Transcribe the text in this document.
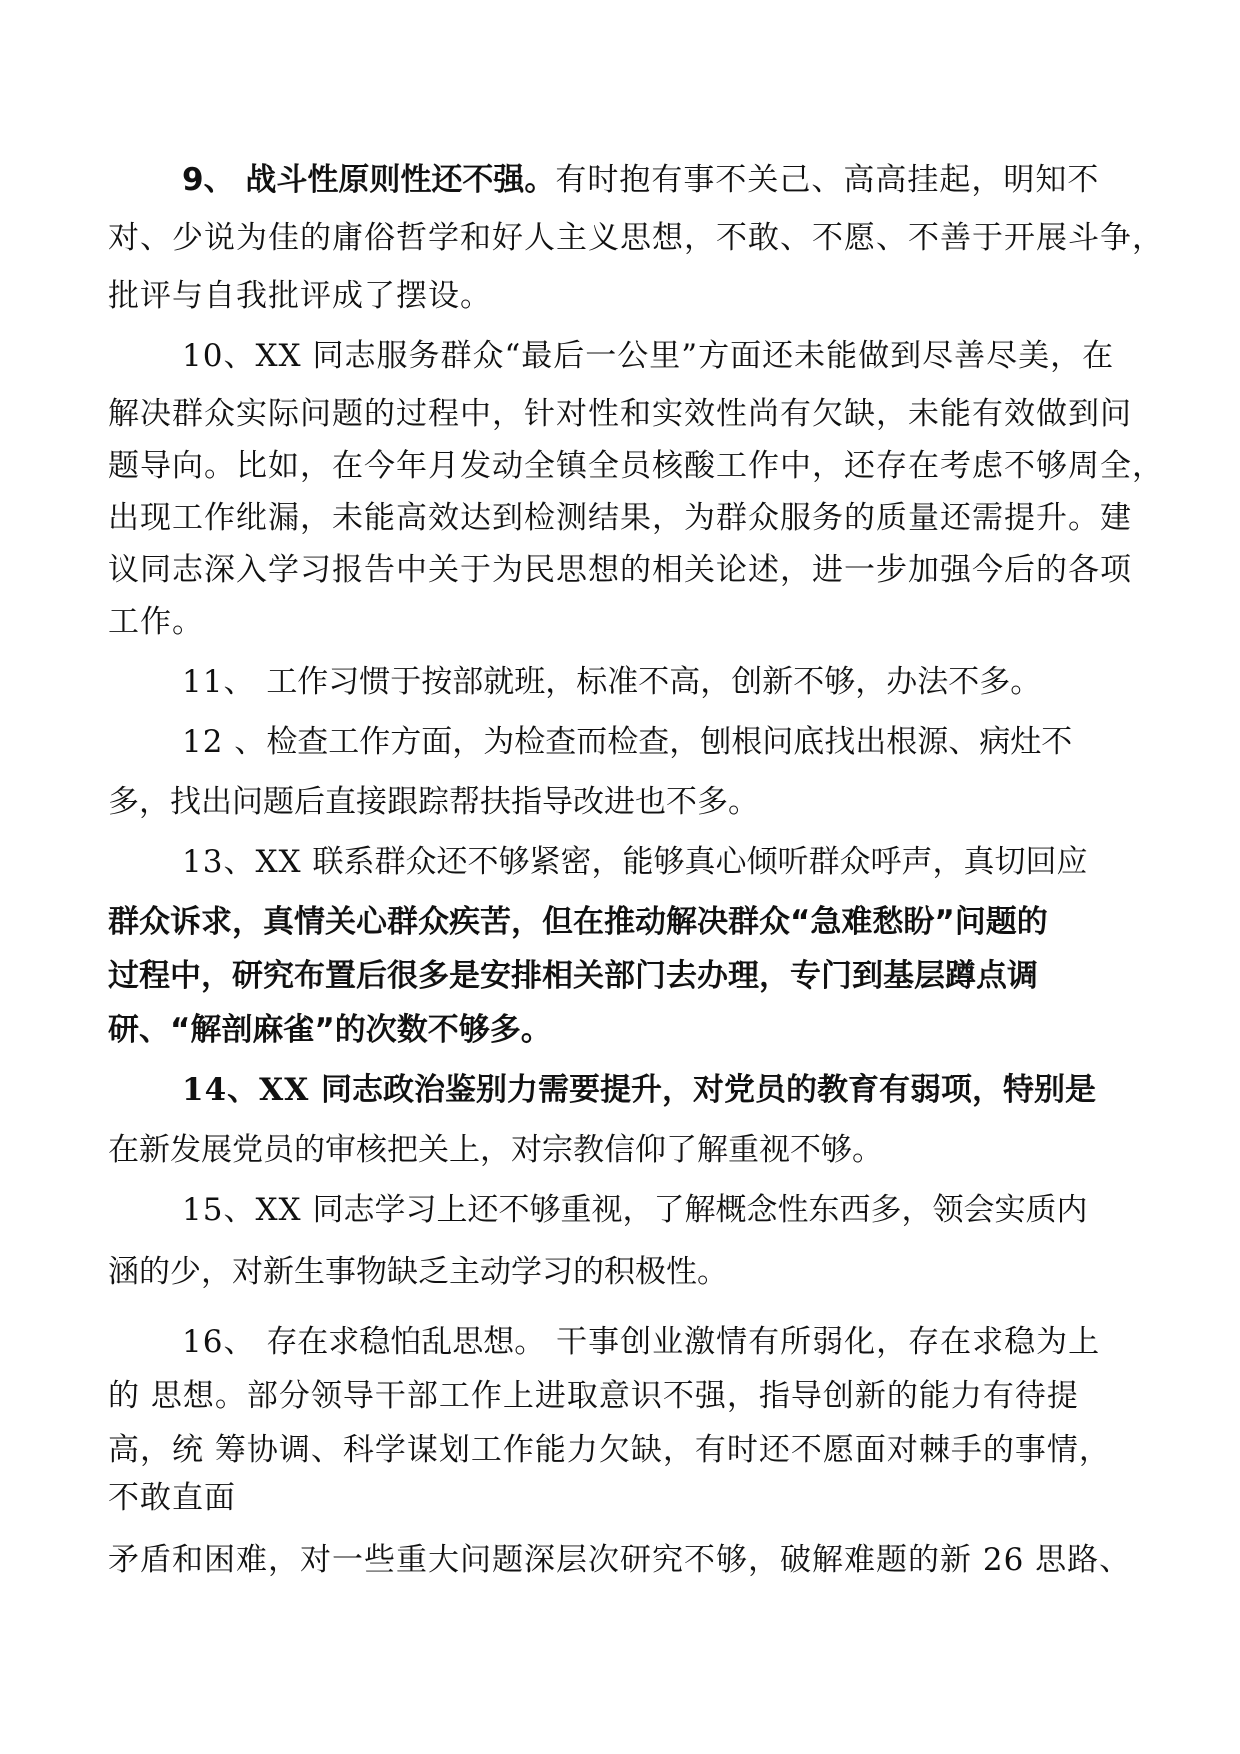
9、 战斗性原则性还不强。有时抱有事不关己、高高挂起，明知不
对、少说为佳的庸俗哲学和好人主义思想，不敢、不愿、不善于开展斗争，
批评与自我批评成了摆设。
10、XX 同志服务群众“最后一公里”方面还未能做到尽善尽美，在
解决群众实际问题的过程中，针对性和实效性尚有欠缺，未能有效做到问
题导向。比如，在今年月发动全镇全员核酸工作中，还存在考虑不够周全，
出现工作纰漏，未能高效达到检测结果，为群众服务的质量还需提升。建
议同志深入学习报告中关于为民思想的相关论述，进一步加强今后的各项
工作。
11、 工作习惯于按部就班，标准不高，创新不够，办法不多。
12 、检查工作方面，为检查而检查，刨根问底找出根源、病灶不
多，找出问题后直接跟踪帮扶指导改进也不多。
13、XX 联系群众还不够紧密，能够真心倾听群众呼声，真切回应
群众诉求，真情关心群众疾苦，但在推动解决群众“急难愁盼”问题的
过程中，研究布置后很多是安排相关部门去办理，专门到基层蹲点调
研、“解剖麻雀”的次数不够多。
14、XX 同志政治鉴别力需要提升，对党员的教育有弱项，特别是
在新发展党员的审核把关上，对宗教信仰了解重视不够。
15、XX 同志学习上还不够重视，了解概念性东西多，领会实质内
涵的少，对新生事物缺乏主动学习的积极性。
16、 存在求稳怕乱思想。 干事创业激情有所弱化，存在求稳为上
的 思想。部分领导干部工作上进取意识不强，指导创新的能力有待提
高，统 筹协调、科学谋划工作能力欠缺，有时还不愿面对棘手的事情，
不敢直面
矛盾和困难，对一些重大问题深层次研究不够，破解难题的新 26 思路、
